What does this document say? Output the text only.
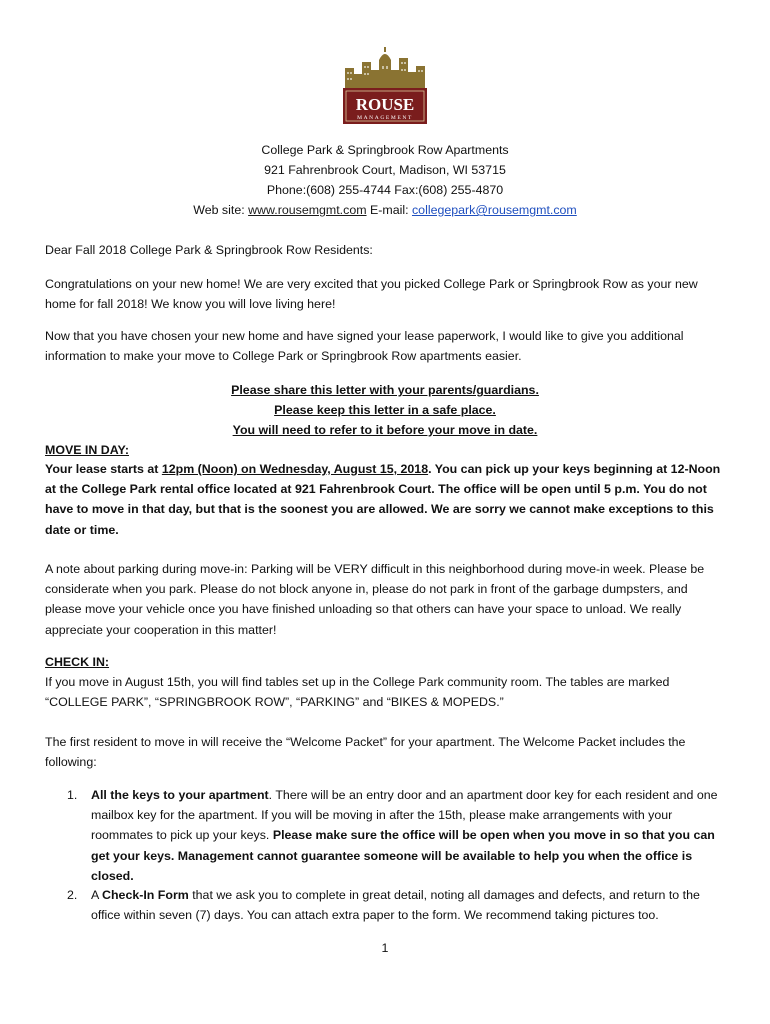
ROUSE
MANAGEMENT
College Park & Springbrook Row Apartments
921 Fahrenbrook Court, Madison, WI 53715
Phone:(608) 255-4744 Fax:(608) 255-4870
Web site: www.rousemgmt.com E-mail: collegepark@rousemgmt.com
Dear Fall 2018 College Park & Springbrook Row Residents:
Congratulations on your new home! We are very excited that you picked College Park or Springbrook Row as your new home for fall 2018! We know you will love living here!
Now that you have chosen your new home and have signed your lease paperwork, I would like to give you additional information to make your move to College Park or Springbrook Row apartments easier.
Please share this letter with your parents/guardians.
Please keep this letter in a safe place.
You will need to refer to it before your move in date.
MOVE IN DAY:
Your lease starts at 12pm (Noon) on Wednesday, August 15, 2018. You can pick up your keys beginning at 12-Noon at the College Park rental office located at 921 Fahrenbrook Court. The office will be open until 5 p.m. You do not have to move in that day, but that is the soonest you are allowed. We are sorry we cannot make exceptions to this date or time.
A note about parking during move-in: Parking will be VERY difficult in this neighborhood during move-in week. Please be considerate when you park. Please do not block anyone in, please do not park in front of the garbage dumpsters, and please move your vehicle once you have finished unloading so that others can have your space to unload. We really appreciate your cooperation in this matter!
CHECK IN:
If you move in August 15th, you will find tables set up in the College Park community room. The tables are marked “COLLEGE PARK”, “SPRINGBROOK ROW”, “PARKING” and “BIKES & MOPEDS.”
The first resident to move in will receive the “Welcome Packet” for your apartment. The Welcome Packet includes the following:
1.	All the keys to your apartment. There will be an entry door and an apartment door key for each resident and one mailbox key for the apartment. If you will be moving in after the 15th, please make arrangements with your roommates to pick up your keys. Please make sure the office will be open when you move in so that you can get your keys. Management cannot guarantee someone will be available to help you when the office is closed.
2.	A Check-In Form that we ask you to complete in great detail, noting all damages and defects, and return to the office within seven (7) days. You can attach extra paper to the form. We recommend taking pictures too.
1
